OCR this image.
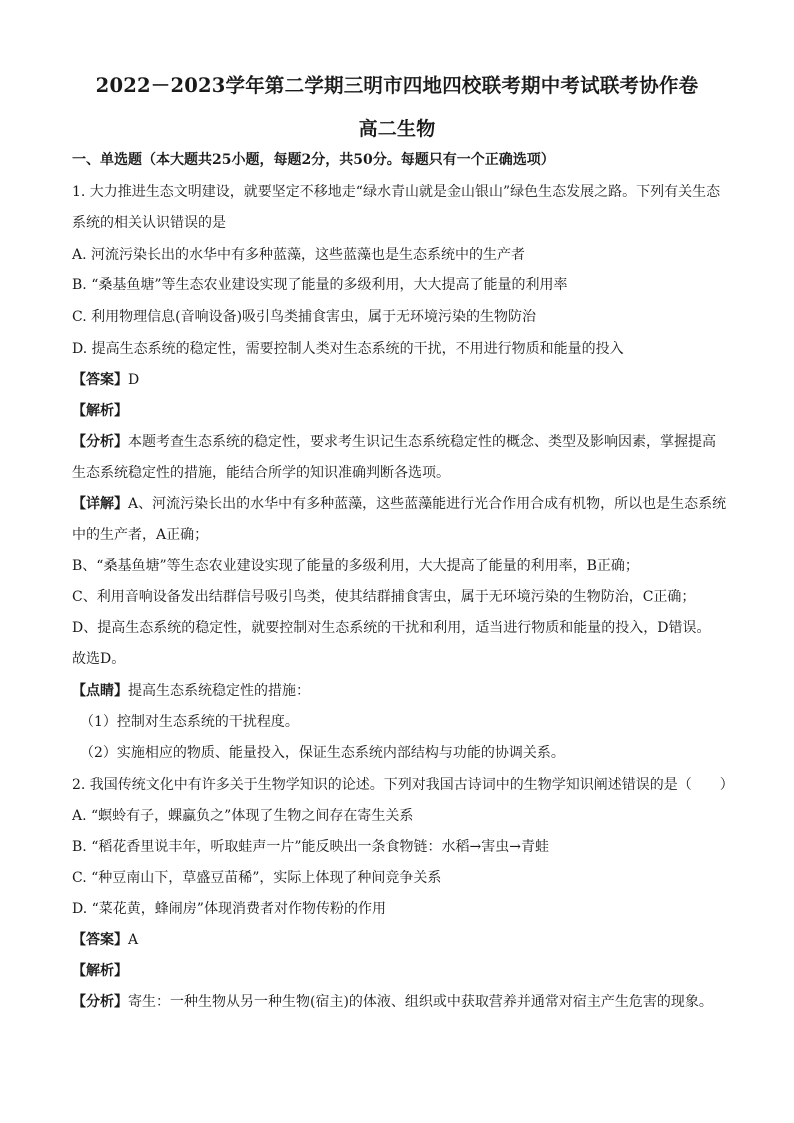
2022－2023学年第二学期三明市四地四校联考期中考试联考协作卷
高二生物
一、单选题（本大题共25小题，每题2分，共50分。每题只有一个正确选项）
1. 大力推进生态文明建设，就要坚定不移地走“绿水青山就是金山银山”绿色生态发展之路。下列有关生态
系统的相关认识错误的是
A. 河流污染长出的水华中有多种蓝藻，这些蓝藻也是生态系统中的生产者
B. “桑基鱼塘”等生态农业建设实现了能量的多级利用，大大提高了能量的利用率
C. 利用物理信息(音响设备)吸引鸟类捕食害虫，属于无环境污染的生物防治
D. 提高生态系统的稳定性，需要控制人类对生态系统的干扰，不用进行物质和能量的投入
【答案】D
【解析】
【分析】本题考查生态系统的稳定性，要求考生识记生态系统稳定性的概念、类型及影响因素，掌握提高
生态系统稳定性的措施，能结合所学的知识准确判断各选项。
【详解】A、河流污染长出的水华中有多种蓝藻，这些蓝藻能进行光合作用合成有机物，所以也是生态系统
中的生产者，A正确；
B、“桑基鱼塘”等生态农业建设实现了能量的多级利用，大大提高了能量的利用率，B正确；
C、利用音响设备发出结群信号吸引鸟类，使其结群捕食害虫，属于无环境污染的生物防治，C正确；
D、提高生态系统的稳定性，就要控制对生态系统的干扰和利用，适当进行物质和能量的投入，D错误。
故选D。
【点睛】提高生态系统稳定性的措施：
（1）控制对生态系统的干扰程度。
（2）实施相应的物质、能量投入，保证生态系统内部结构与功能的协调关系。
2. 我国传统文化中有许多关于生物学知识的论述。下列对我国古诗词中的生物学知识阐述错误的是（　　）
A. “螟蛉有子，蜾蠃负之”体现了生物之间存在寄生关系
B. “稻花香里说丰年，听取蛙声一片”能反映出一条食物链：水稻→害虫→青蛙
C. “种豆南山下，草盛豆苗稀”，实际上体现了种间竞争关系
D. “菜花黄，蜂闹房”体现消费者对作物传粉的作用
【答案】A
【解析】
【分析】寄生：一种生物从另一种生物(宿主)的体液、组织或中获取营养并通常对宿主产生危害的现象。
